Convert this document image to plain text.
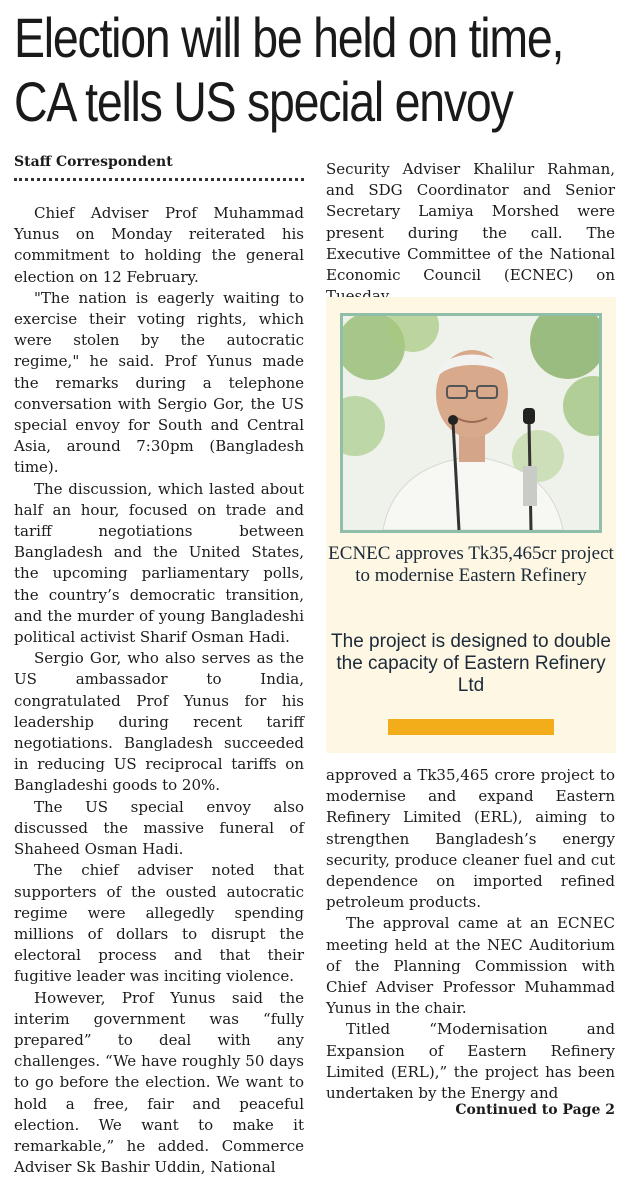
Election will be held on time,
CA tells US special envoy
Staff Correspondent

Chief Adviser Prof Muhammad Yunus on Monday reiterated his commitment to holding the general election on 12 February.

"The nation is eagerly waiting to exercise their voting rights, which were stolen by the autocratic regime," he said. Prof Yunus made the remarks during a telephone conversation with Sergio Gor, the US special envoy for South and Central Asia, around 7:30pm (Bangladesh time).

The discussion, which lasted about half an hour, focused on trade and tariff negotiations between Bangladesh and the United States, the upcoming parliamentary polls, the country’s democratic transition, and the murder of young Bangladeshi political activist Sharif Osman Hadi.

Sergio Gor, who also serves as the US ambassador to India, congratulated Prof Yunus for his leadership during recent tariff negotiations. Bangladesh succeeded in reducing US reciprocal tariffs on Bangladeshi goods to 20%.

The US special envoy also discussed the massive funeral of Shaheed Osman Hadi.

The chief adviser noted that supporters of the ousted autocratic regime were allegedly spending millions of dollars to disrupt the electoral process and that their fugitive leader was inciting violence.

However, Prof Yunus said the interim government was “fully prepared” to deal with any challenges. “We have roughly 50 days to go before the election. We want to hold a free, fair and peaceful election. We want to make it remarkable,” he added. Commerce Adviser Sk Bashir Uddin, National

Security Adviser Khalilur Rahman, and SDG Coordinator and Senior Secretary Lamiya Morshed were present during the call. The Executive Committee of the National Economic Council (ECNEC) on

ECNEC approves Tk35,465cr project to modernise Eastern Refinery
The project is designed to double the capacity of Eastern Refinery Ltd

approved a Tk35,465 crore project to modernise and expand Eastern Refinery Limited (ERL), aiming to strengthen Bangladesh’s energy security, produce cleaner fuel and cut dependence on imported refined petroleum products.

The approval came at an ECNEC meeting held at the NEC Auditorium of the Planning Commission with Chief Adviser Professor Muhammad Yunus in the chair.

Titled “Modernisation and Expansion of Eastern Refinery Limited (ERL),” the project has been undertaken by the Energy and

Continued to Page 2
